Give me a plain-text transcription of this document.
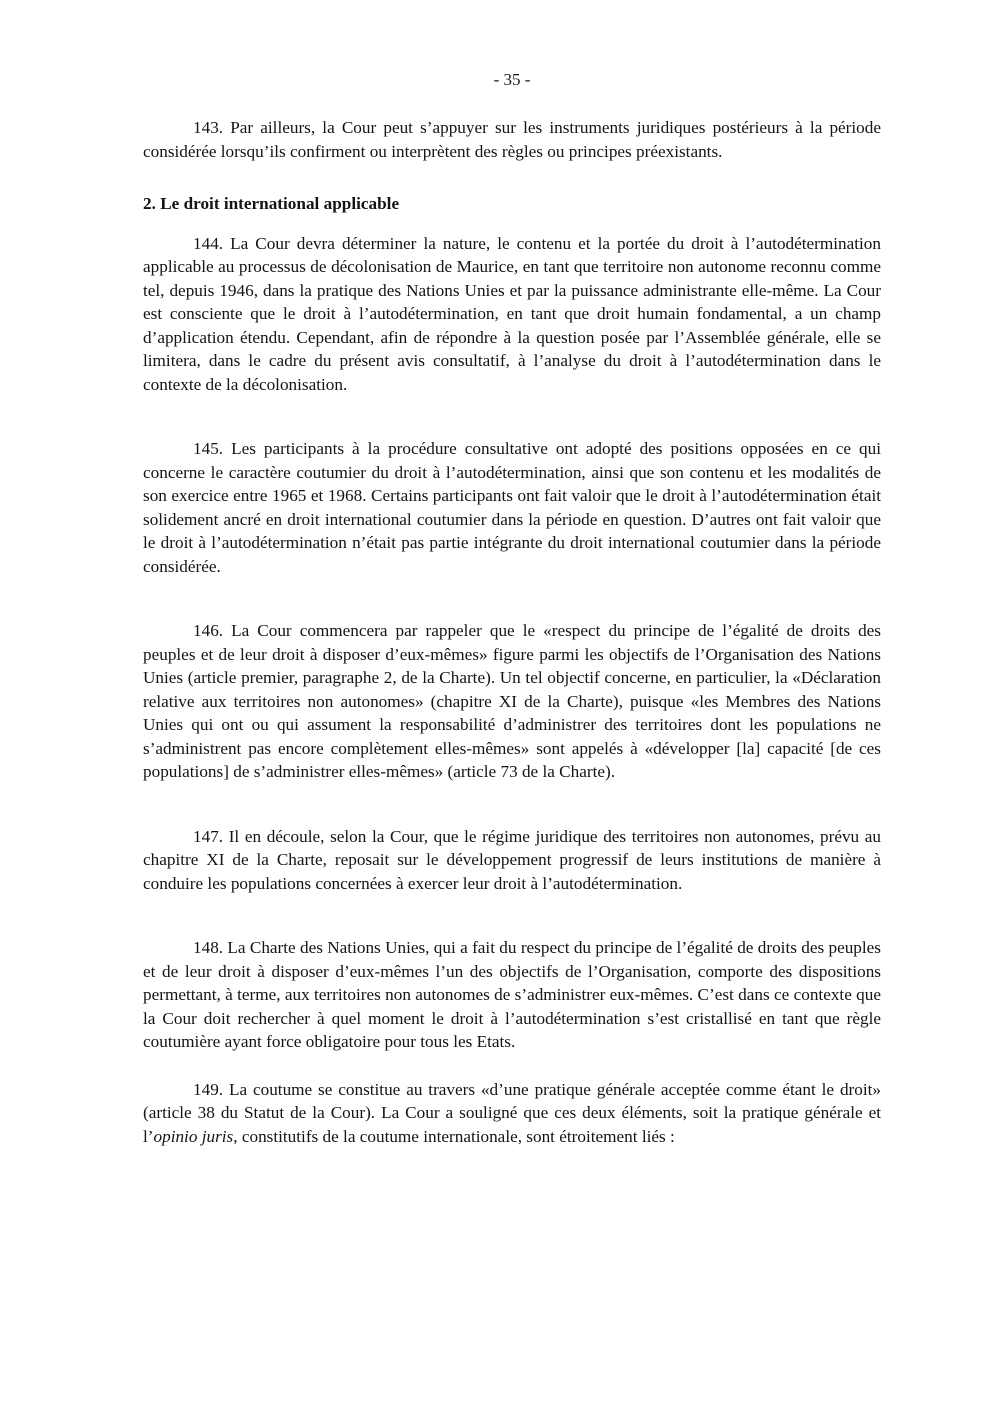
- 35 -

143. Par ailleurs, la Cour peut s’appuyer sur les instruments juridiques postérieurs à la période considérée lorsqu’ils confirment ou interprètent des règles ou principes préexistants.

2. Le droit international applicable

144. La Cour devra déterminer la nature, le contenu et la portée du droit à l’autodétermination applicable au processus de décolonisation de Maurice, en tant que territoire non autonome reconnu comme tel, depuis 1946, dans la pratique des Nations Unies et par la puissance administrante elle-même. La Cour est consciente que le droit à l’autodétermination, en tant que droit humain fondamental, a un champ d’application étendu. Cependant, afin de répondre à la question posée par l’Assemblée générale, elle se limitera, dans le cadre du présent avis consultatif, à l’analyse du droit à l’autodétermination dans le contexte de la décolonisation.

145. Les participants à la procédure consultative ont adopté des positions opposées en ce qui concerne le caractère coutumier du droit à l’autodétermination, ainsi que son contenu et les modalités de son exercice entre 1965 et 1968. Certains participants ont fait valoir que le droit à l’autodétermination était solidement ancré en droit international coutumier dans la période en question. D’autres ont fait valoir que le droit à l’autodétermination n’était pas partie intégrante du droit international coutumier dans la période considérée.

146. La Cour commencera par rappeler que le «respect du principe de l’égalité de droits des peuples et de leur droit à disposer d’eux-mêmes» figure parmi les objectifs de l’Organisation des Nations Unies (article premier, paragraphe 2, de la Charte). Un tel objectif concerne, en particulier, la «Déclaration relative aux territoires non autonomes» (chapitre XI de la Charte), puisque «les Membres des Nations Unies qui ont ou qui assument la responsabilité d’administrer des territoires dont les populations ne s’administrent pas encore complètement elles-mêmes» sont appelés à «développer [la] capacité [de ces populations] de s’administrer elles-mêmes» (article 73 de la Charte).

147. Il en découle, selon la Cour, que le régime juridique des territoires non autonomes, prévu au chapitre XI de la Charte, reposait sur le développement progressif de leurs institutions de manière à conduire les populations concernées à exercer leur droit à l’autodétermination.

148. La Charte des Nations Unies, qui a fait du respect du principe de l’égalité de droits des peuples et de leur droit à disposer d’eux-mêmes l’un des objectifs de l’Organisation, comporte des dispositions permettant, à terme, aux territoires non autonomes de s’administrer eux-mêmes. C’est dans ce contexte que la Cour doit rechercher à quel moment le droit à l’autodétermination s’est cristallisé en tant que règle coutumière ayant force obligatoire pour tous les Etats.

149. La coutume se constitue au travers «d’une pratique générale acceptée comme étant le droit» (article 38 du Statut de la Cour). La Cour a souligné que ces deux éléments, soit la pratique générale et l’opinio juris, constitutifs de la coutume internationale, sont étroitement liés :
